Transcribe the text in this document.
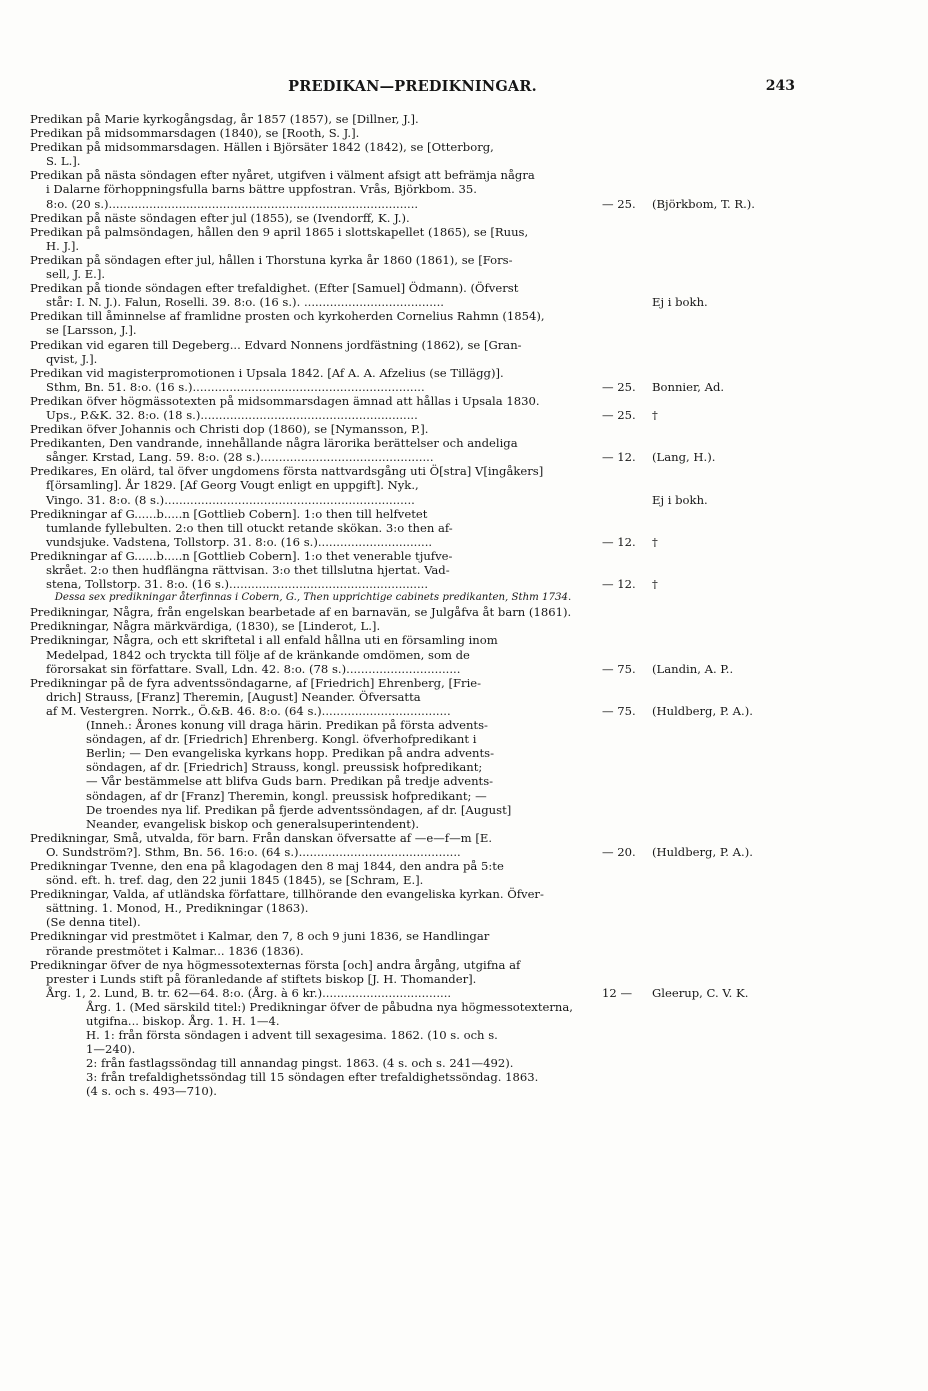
PREDIKAN—PREDIKNINGAR.	243
Predikan på Marie kyrkogångsdag, år 1857 (1857), se [Dillner, J.].
Predikan på midsommarsdagen (1840), se [Rooth, S. J.].
Predikan på midsommarsdagen. Hällen i Björsäter 1842 (1842), se [Otterborg,
S. L.].
Predikan på nästa söndagen efter nyåret, utgifven i välment afsigt att befrämja några
i Dalarne förhoppningsfulla barns bättre uppfostran. Vrås, Björkbom. 35.
8:o. (20 s.)....................................................................................	— 25.	(Björkbom, T. R.).
Predikan på näste söndagen efter jul (1855), se (Ivendorff, K. J.).
Predikan på palmsöndagen, hållen den 9 april 1865 i slottskapellet (1865), se [Ruus,
H. J.].
Predikan på söndagen efter jul, hållen i Thorstuna kyrka år 1860 (1861), se [Fors-
sell, J. E.].
Predikan på tionde söndagen efter trefaldighet. (Efter [Samuel] Ödmann). (Öfverst
står: I. N. J.). Falun, Roselli. 39. 8:o. (16 s.). ......................................	Ej i bokh.
Predikan till åminnelse af framlidne prosten och kyrkoherden Cornelius Rahmn (1854),
se [Larsson, J.].
Predikan vid egaren till Degeberg... Edvard Nonnens jordfästning (1862), se [Gran-
qvist, J.].
Predikan vid magisterpromotionen i Upsala 1842. [Af A. A. Afzelius (se Tillägg)].
Sthm, Bn. 51. 8:o. (16 s.)...............................................................	— 25.	Bonnier, Ad.
Predikan öfver högmässotexten på midsommarsdagen ämnad att hållas i Upsala 1830.
Ups., P.&K. 32. 8:o. (18 s.)...........................................................	— 25.	†
Predikan öfver Johannis och Christi dop (1860), se [Nymansson, P.].
Predikanten, Den vandrande, innehållande några lärorika berättelser och andeliga
sånger. Krstad, Lang. 59. 8:o. (28 s.)...............................................	— 12.	(Lang, H.).
Predikares, En olärd, tal öfver ungdomens första nattvardsgång uti Ö[stra] V[ingåkers]
f[örsamling]. År 1829. [Af Georg Vougt enligt en uppgift]. Nyk.,
Vingo. 31. 8:o. (8 s.)....................................................................	Ej i bokh.
Predikningar af G......b.....n [Gottlieb Cobern]. 1:o then till helfvetet
tumlande fyllebulten. 2:o then till otuckt retande skökan. 3:o then af-
vundsjuke. Vadstena, Tollstorp. 31. 8:o. (16 s.)...............................	— 12.	†
Predikningar af G......b.....n [Gottlieb Cobern]. 1:o thet venerable tjufve-
skrået. 2:o then hudflängna rättvisan. 3:o thet tillslutna hjertat. Vad-
stena, Tollstorp. 31. 8:o. (16 s.)......................................................	— 12.	†
Dessa sex predikningar återfinnas i Cobern, G., Then upprichtige cabinets predikanten, Sthm 1734.
Predikningar, Några, från engelskan bearbetade af en barnavän, se Julgåfva åt barn (1861).
Predikningar, Några märkvärdiga, (1830), se [Linderot, L.].
Predikningar, Några, och ett skriftetal i all enfald hållna uti en församling inom
Medelpad, 1842 och tryckta till följe af de kränkande omdömen, som de
förorsakat sin författare. Svall, Ldn. 42. 8:o. (78 s.)...............................	— 75.	(Landin, A. P..
Predikningar på de fyra adventssöndagarne, af [Friedrich] Ehrenberg, [Frie-
drich] Strauss, [Franz] Theremin, [August] Neander. Öfversatta
af M. Vestergren. Norrk., Ö.&B. 46. 8:o. (64 s.)...................................	— 75.	(Huldberg, P. A.).
(Inneh.: Årones konung vill draga härin. Predikan på första advents-
söndagen, af dr. [Friedrich] Ehrenberg. Kongl. öfverhofpredikant i
Berlin; — Den evangeliska kyrkans hopp. Predikan på andra advents-
söndagen, af dr. [Friedrich] Strauss, kongl. preussisk hofpredikant;
— Vår bestämmelse att blifva Guds barn. Predikan på tredje advents-
söndagen, af dr [Franz] Theremin, kongl. preussisk hofpredikant; —
De troendes nya lif. Predikan på fjerde adventssöndagen, af dr. [August]
Neander, evangelisk biskop och generalsuperintendent).
Predikningar, Små, utvalda, för barn. Från danskan öfversatte af —e—f—m [E.
O. Sundström?]. Sthm, Bn. 56. 16:o. (64 s.)............................................	— 20.	(Huldberg, P. A.).
Predikningar Tvenne, den ena på klagodagen den 8 maj 1844, den andra på 5:te
sönd. eft. h. tref. dag, den 22 junii 1845 (1845), se [Schram, E.].
Predikningar, Valda, af utländska författare, tillhörande den evangeliska kyrkan. Öfver-
sättning. 1. Monod, H., Predikningar (1863).
(Se denna titel).
Predikningar vid prestmötet i Kalmar, den 7, 8 och 9 juni 1836, se Handlingar
rörande prestmötet i Kalmar... 1836 (1836).
Predikningar öfver de nya högmessotexternas första [och] andra årgång, utgifna af
prester i Lunds stift på föranledande af stiftets biskop [J. H. Thomander].
Årg. 1, 2. Lund, B. tr. 62—64. 8:o. (Årg. à 6 kr.)...................................	12 —	Gleerup, C. V. K.
Årg. 1. (Med särskild titel:) Predikningar öfver de påbudna nya högmessotexterna,
utgifna... biskop. Årg. 1. H. 1—4.
H. 1: från första söndagen i advent till sexagesima. 1862. (10 s. och s.
1—240).
2: från fastlagssöndag till annandag pingst. 1863. (4 s. och s. 241—492).
3: från trefaldighetssöndag till 15 söndagen efter trefaldighetssöndag. 1863.
(4 s. och s. 493—710).
